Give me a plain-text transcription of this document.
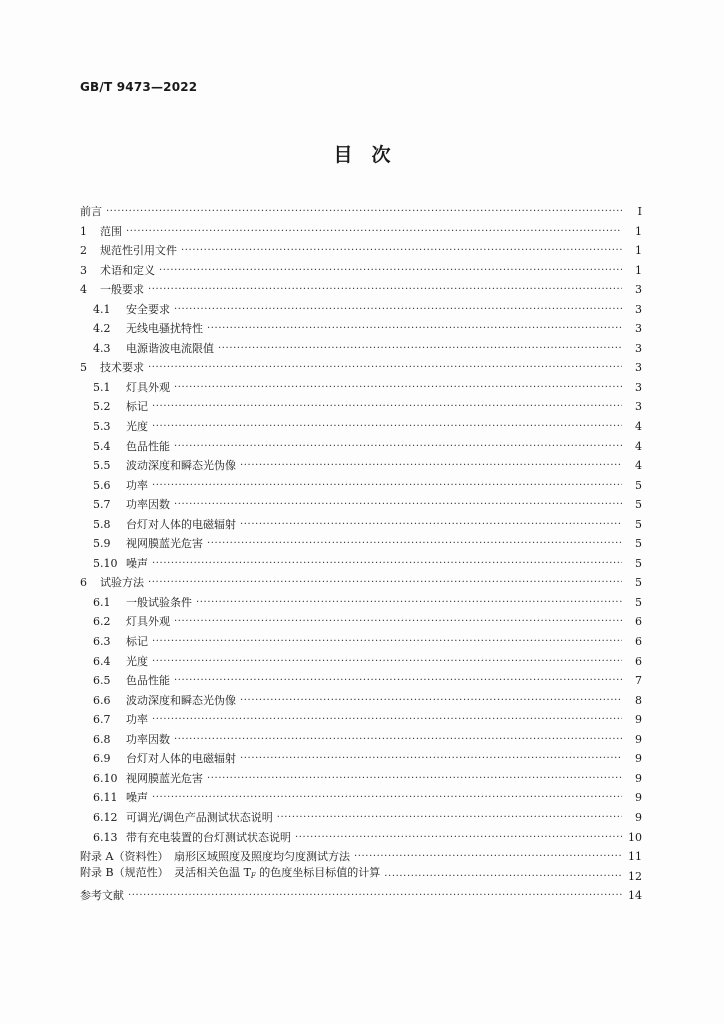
GB/T 9473—2022
目　次
前言 ·····	I
1	范围 ·····	1
2	规范性引用文件 ·····	1
3	术语和定义 ·····	1
4	一般要求 ·····	3
4.1	安全要求 ·····	3
4.2	无线电骚扰特性 ·····	3
4.3	电源谐波电流限值 ·····	3
5	技术要求 ·····	3
5.1	灯具外观 ·····	3
5.2	标记 ·····	3
5.3	光度 ·····	4
5.4	色品性能 ·····	4
5.5	波动深度和瞬态光伪像 ·····	4
5.6	功率 ·····	5
5.7	功率因数 ·····	5
5.8	台灯对人体的电磁辐射 ·····	5
5.9	视网膜蓝光危害 ·····	5
5.10 噪声 ·····	5
6	试验方法 ·····	5
6.1	一般试验条件 ·····	5
6.2	灯具外观 ·····	6
6.3	标记 ·····	6
6.4	光度 ·····	6
6.5	色品性能 ·····	7
6.6	波动深度和瞬态光伪像 ·····	8
6.7	功率 ·····	9
6.8	功率因数 ·····	9
6.9	台灯对人体的电磁辐射 ·····	9
6.10 视网膜蓝光危害 ·····	9
6.11 噪声 ·····	9
6.12 可调光/调色产品测试状态说明 ·····	9
6.13 带有充电装置的台灯测试状态说明 ·····	10
附录 A（资料性）　扇形区域照度及照度均匀度测试方法 ·····	11
附录 B（规范性）　灵活相关色温 $T_F$ 的色度坐标目标值的计算 ·····	12
参考文献 ·····	14
